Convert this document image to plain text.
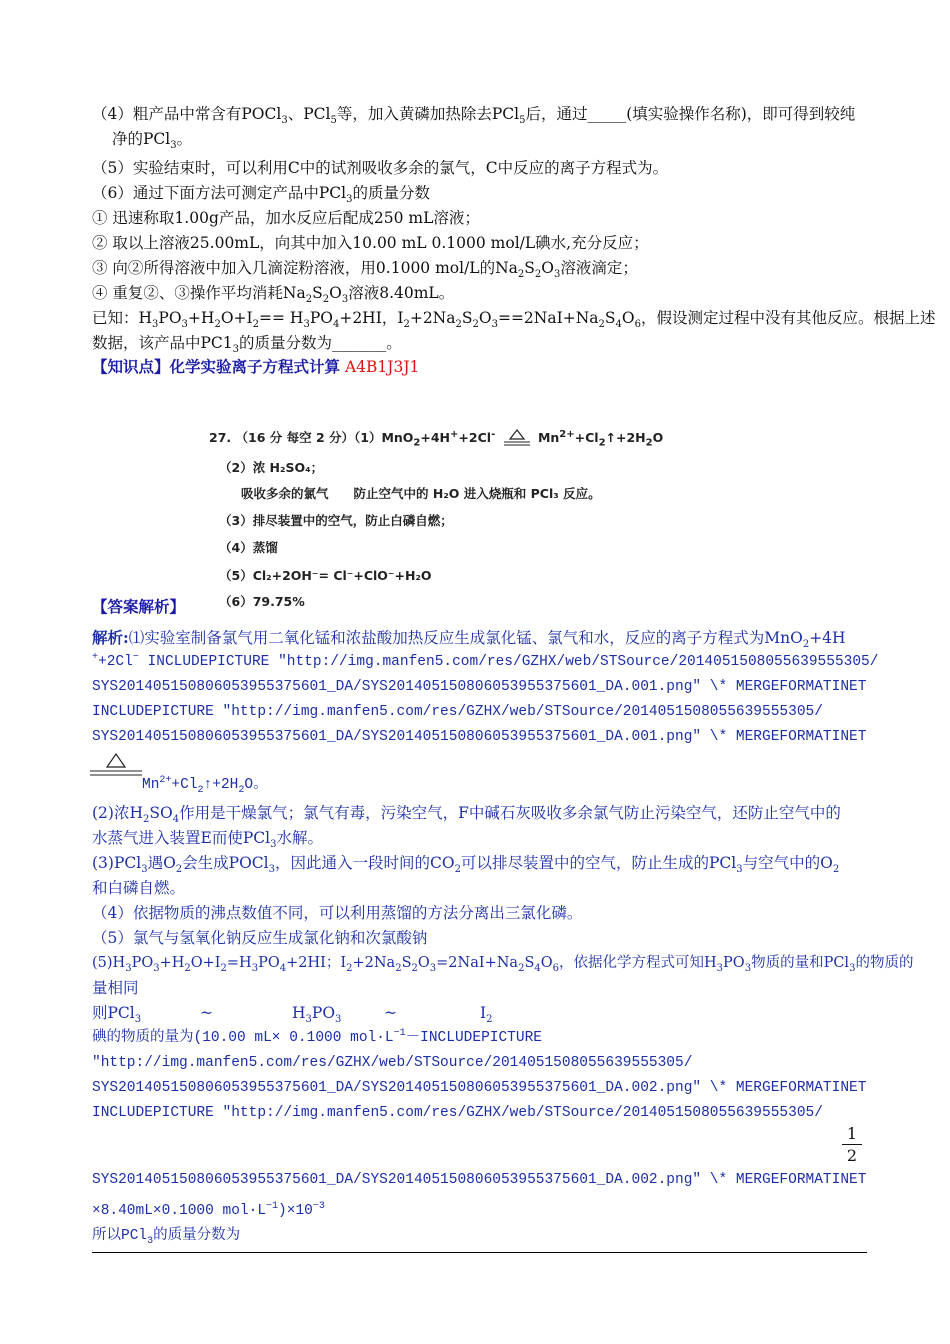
（4）粗产品中常含有POCl$_3$、PCl$_5$等，加入黄磷加热除去PCl$_5$后，通过_____(填实验操作名称)，即可得到较纯
净的PCl$_3$。
（5）实验结束时，可以利用C中的试剂吸收多余的氯气，C中反应的离子方程式为。
（6）通过下面方法可测定产品中PCl$_3$的质量分数
① 迅速称取1.00g产品，加水反应后配成250 mL溶液；
② 取以上溶液25.00mL，向其中加入10.00 mL 0.1000 mol/L碘水,充分反应；
③ 向②所得溶液中加入几滴淀粉溶液，用0.1000 mol/L的$Na_2S_2O_3$溶液滴定；
④ 重复②、③操作平均消耗$Na_2S_2O_3$溶液8.40mL。
已知：$H_3PO_3+H_2O+I_2== H_3PO_4+2HI$，$I_2+2Na_2S_2O_3==2NaI+Na_2S_4O_6$，假设测定过程中没有其他反应。根据上述
数据，该产品中$PC1_3$的质量分数为_______。
【知识点】化学实验离子方程式计算 A4B1J3J1
27. （16 分 每空 2 分）（1）MnO$_2$+4H++2Cl-	$Mn^{2+}+Cl_2↑+2H_2O$
（2）浓 H₂SO₄；
吸收多余的氯气　　防止空气中的 H₂O 进入烧瓶和 PCl₃ 反应。
（3）排尽装置中的空气，防止白磷自燃；
（4）蒸馏
（5）Cl₂+2OH⁻= Cl⁻+ClO⁻+H₂O
（6）79.75%
【答案解析】
解析:⑴实验室制备氯气用二氧化锰和浓盐酸加热反应生成氯化锰、氯气和水，反应的离子方程式为MnO$_2$+4H
++2Cl− INCLUDEPICTURE "http://img.manfen5.com/res/GZHX/web/STSource/2014051508055639555305/
SYS201405150806053955375601_DA/SYS201405150806053955375601_DA.001.png" \* MERGEFORMATINET
INCLUDEPICTURE "http://img.manfen5.com/res/GZHX/web/STSource/2014051508055639555305/
SYS201405150806053955375601_DA/SYS201405150806053955375601_DA.001.png" \* MERGEFORMATINET
$Mn^{2+}+Cl_2↑+2H_2O$。
(2)浓$H_2SO_4$作用是干燥氯气；氯气有毒，污染空气，F中碱石灰吸收多余氯气防止污染空气，还防止空气中的
水蒸气进入装置E而使PCl$_3$水解。
(3)PCl$_3$遇$O_2$会生成POCl$_3$，因此通入一段时间的$CO_2$可以排尽装置中的空气，防止生成的PCl$_3$与空气中的$O_2$
和白磷自燃。
（4）依据物质的沸点数值不同，可以利用蒸馏的方法分离出三氯化磷。
（5）氯气与氢氧化钠反应生成氯化钠和次氯酸钠
$(5)H_3PO_3+H_2O+I_2=H_3PO_4+2HI$；$I_2+2Na_2S_2O_3=2NaI+Na_2S_4O_6$，依据化学方程式可知$H_3PO_3$物质的量和PCl$_3$的物质的
量相同
则PCl$_3$	~	$H_3PO_3$	~	$I_2$
碘的物质的量为(10.00 mL× 0.1000 $mol\cdot L^{-1}-INCLUDEPICTURE$
"http://img.manfen5.com/res/GZHX/web/STSource/2014051508055639555305/
SYS201405150806053955375601_DA/SYS201405150806053955375601_DA.002.png" \* MERGEFORMATINET
INCLUDEPICTURE "http://img.manfen5.com/res/GZHX/web/STSource/2014051508055639555305/
1
2
SYS201405150806053955375601_DA/SYS201405150806053955375601_DA.002.png" \* MERGEFORMATINET
×8.40mL×0.1000 $mol\cdot L^{-1})\times 10^{-3}$
所以PCl$_3$的质量分数为
